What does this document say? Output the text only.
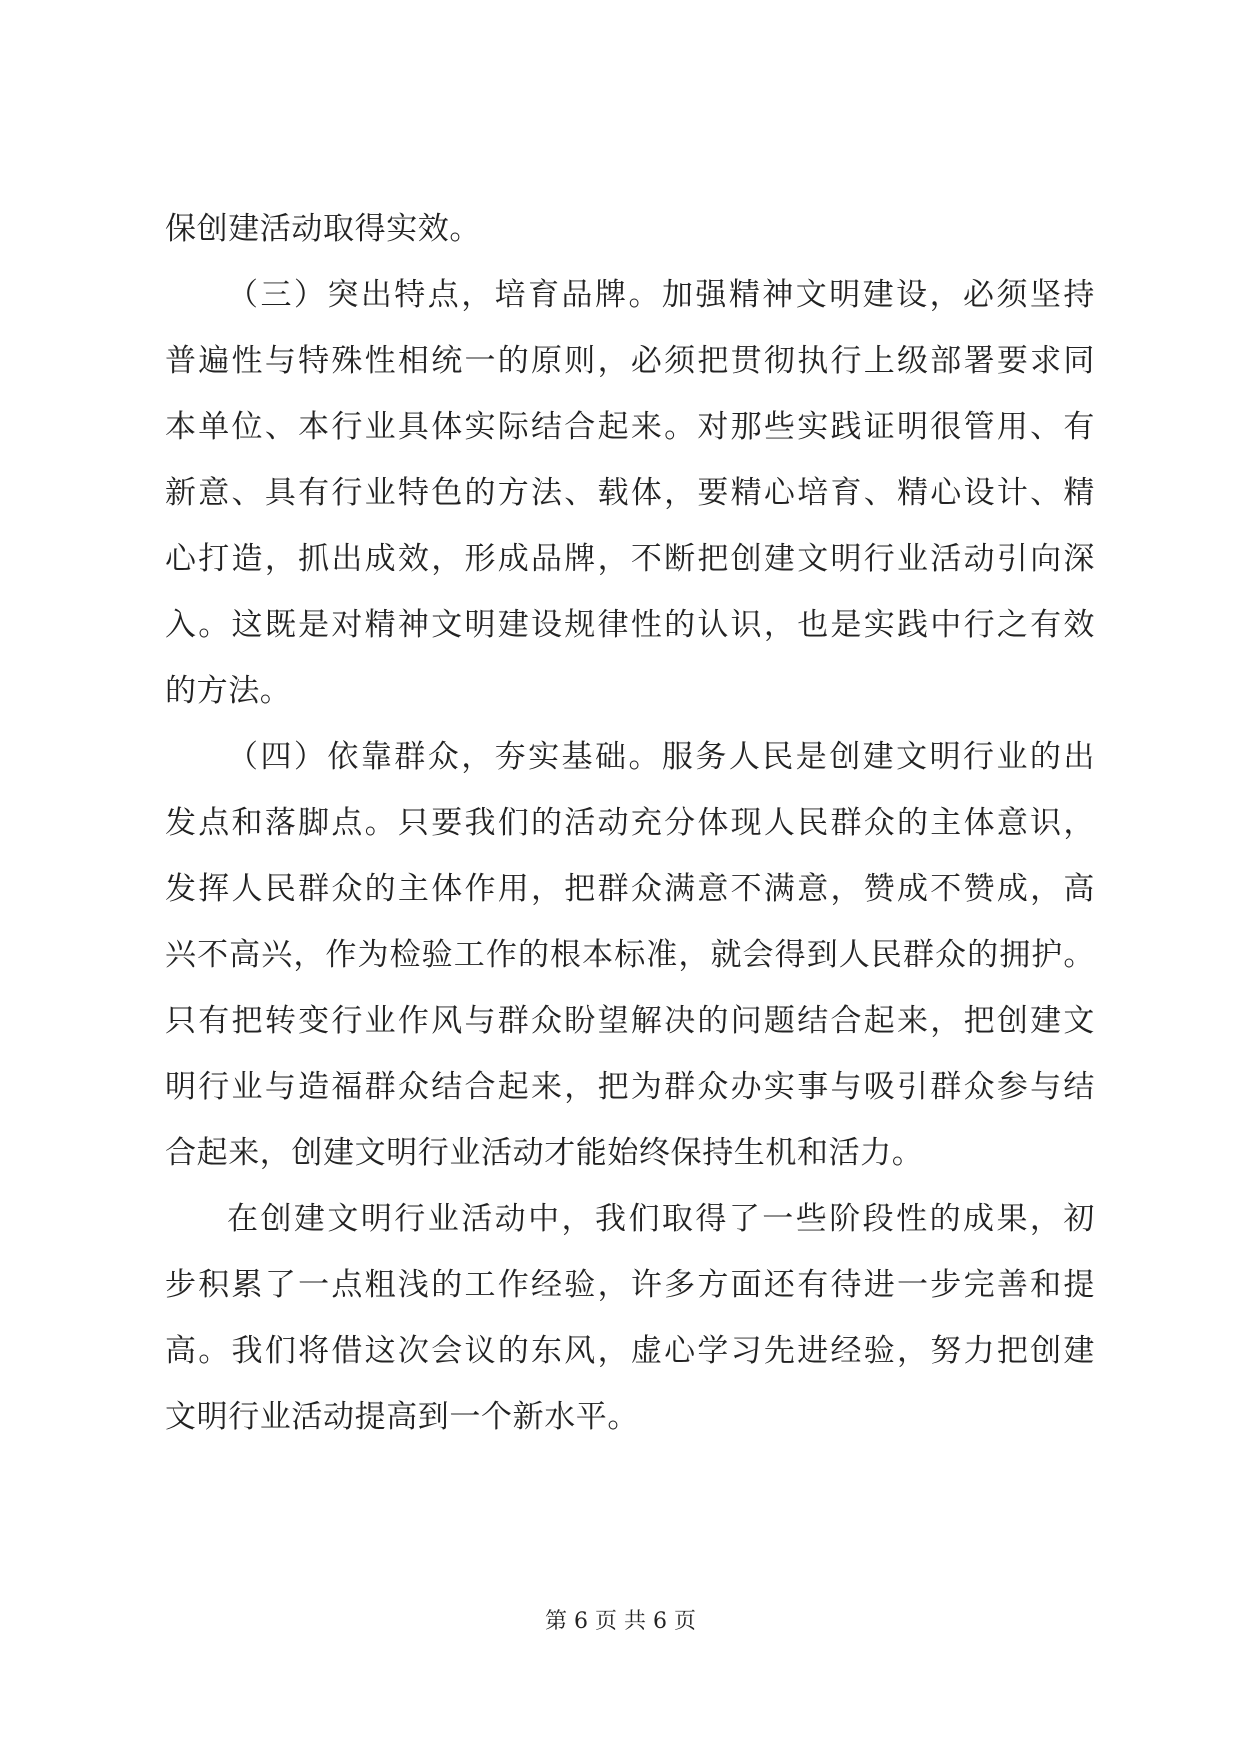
保创建活动取得实效。
（三）突出特点，培育品牌。加强精神文明建设，必须坚持
普遍性与特殊性相统一的原则，必须把贯彻执行上级部署要求同
本单位、本行业具体实际结合起来。对那些实践证明很管用、有
新意、具有行业特色的方法、载体，要精心培育、精心设计、精
心打造，抓出成效，形成品牌，不断把创建文明行业活动引向深
入。这既是对精神文明建设规律性的认识，也是实践中行之有效
的方法。
（四）依靠群众，夯实基础。服务人民是创建文明行业的出
发点和落脚点。只要我们的活动充分体现人民群众的主体意识，
发挥人民群众的主体作用，把群众满意不满意，赞成不赞成，高
兴不高兴，作为检验工作的根本标准，就会得到人民群众的拥护。
只有把转变行业作风与群众盼望解决的问题结合起来，把创建文
明行业与造福群众结合起来，把为群众办实事与吸引群众参与结
合起来，创建文明行业活动才能始终保持生机和活力。
在创建文明行业活动中，我们取得了一些阶段性的成果，初
步积累了一点粗浅的工作经验，许多方面还有待进一步完善和提
高。我们将借这次会议的东风，虚心学习先进经验，努力把创建
文明行业活动提高到一个新水平。
第 6 页 共 6 页
